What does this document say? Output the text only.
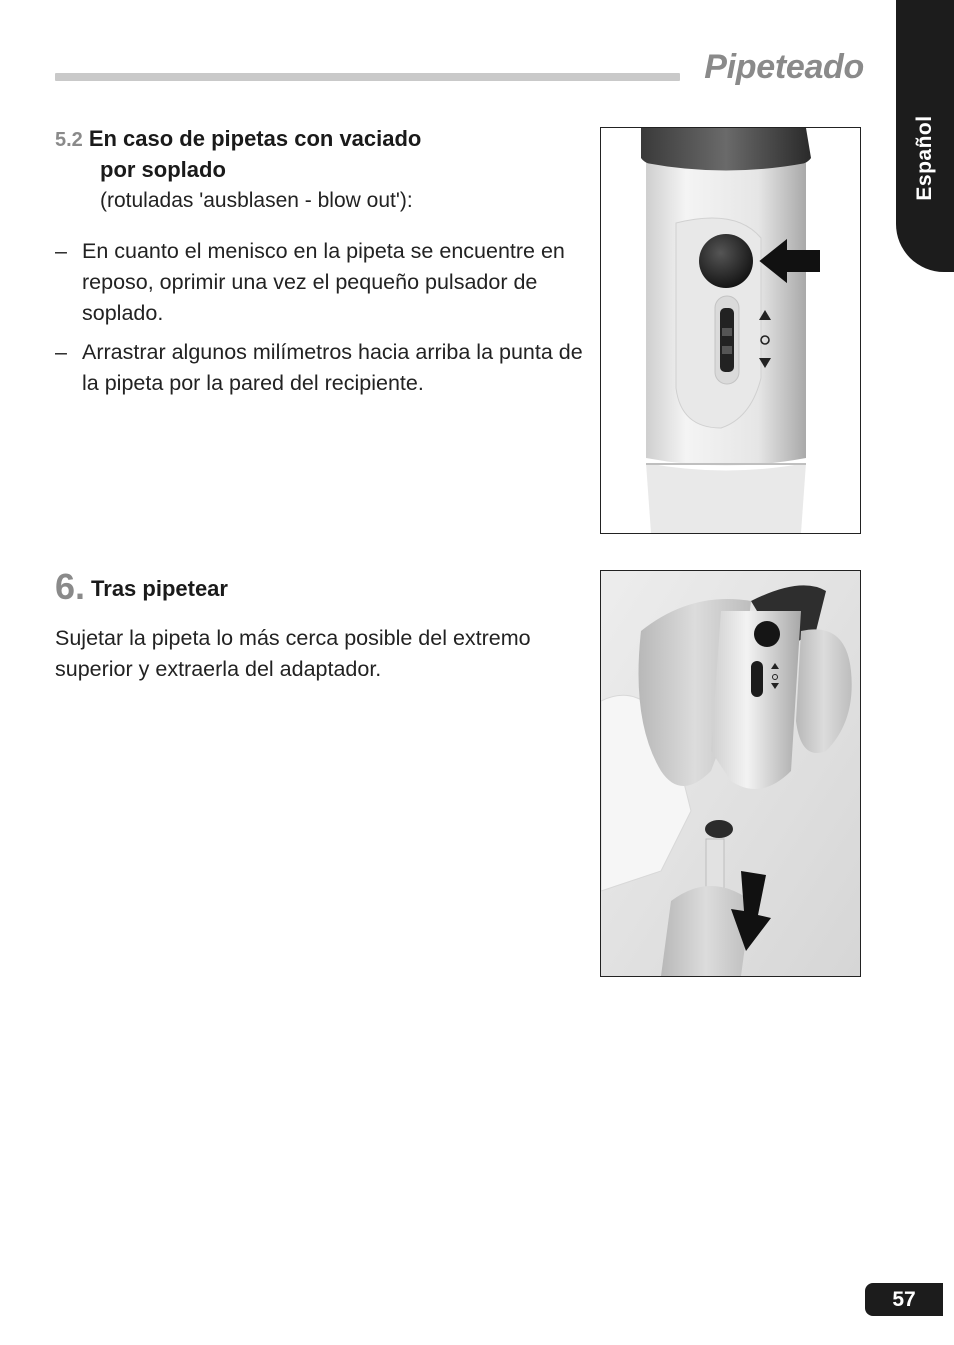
Pipeteado
Español
5.2 En caso de pipetas con vaciado
por soplado
(rotuladas 'ausblasen - blow out'):
– En cuanto el menisco en la pipeta se encuentre en reposo, oprimir una vez el pequeño pulsador de soplado.
– Arrastrar algunos milímetros hacia arriba la punta de la pipeta por la pared del recipiente.
6. Tras pipetear
Sujetar la pipeta lo más cerca posible del extremo superior y extraerla del adaptador.
57
